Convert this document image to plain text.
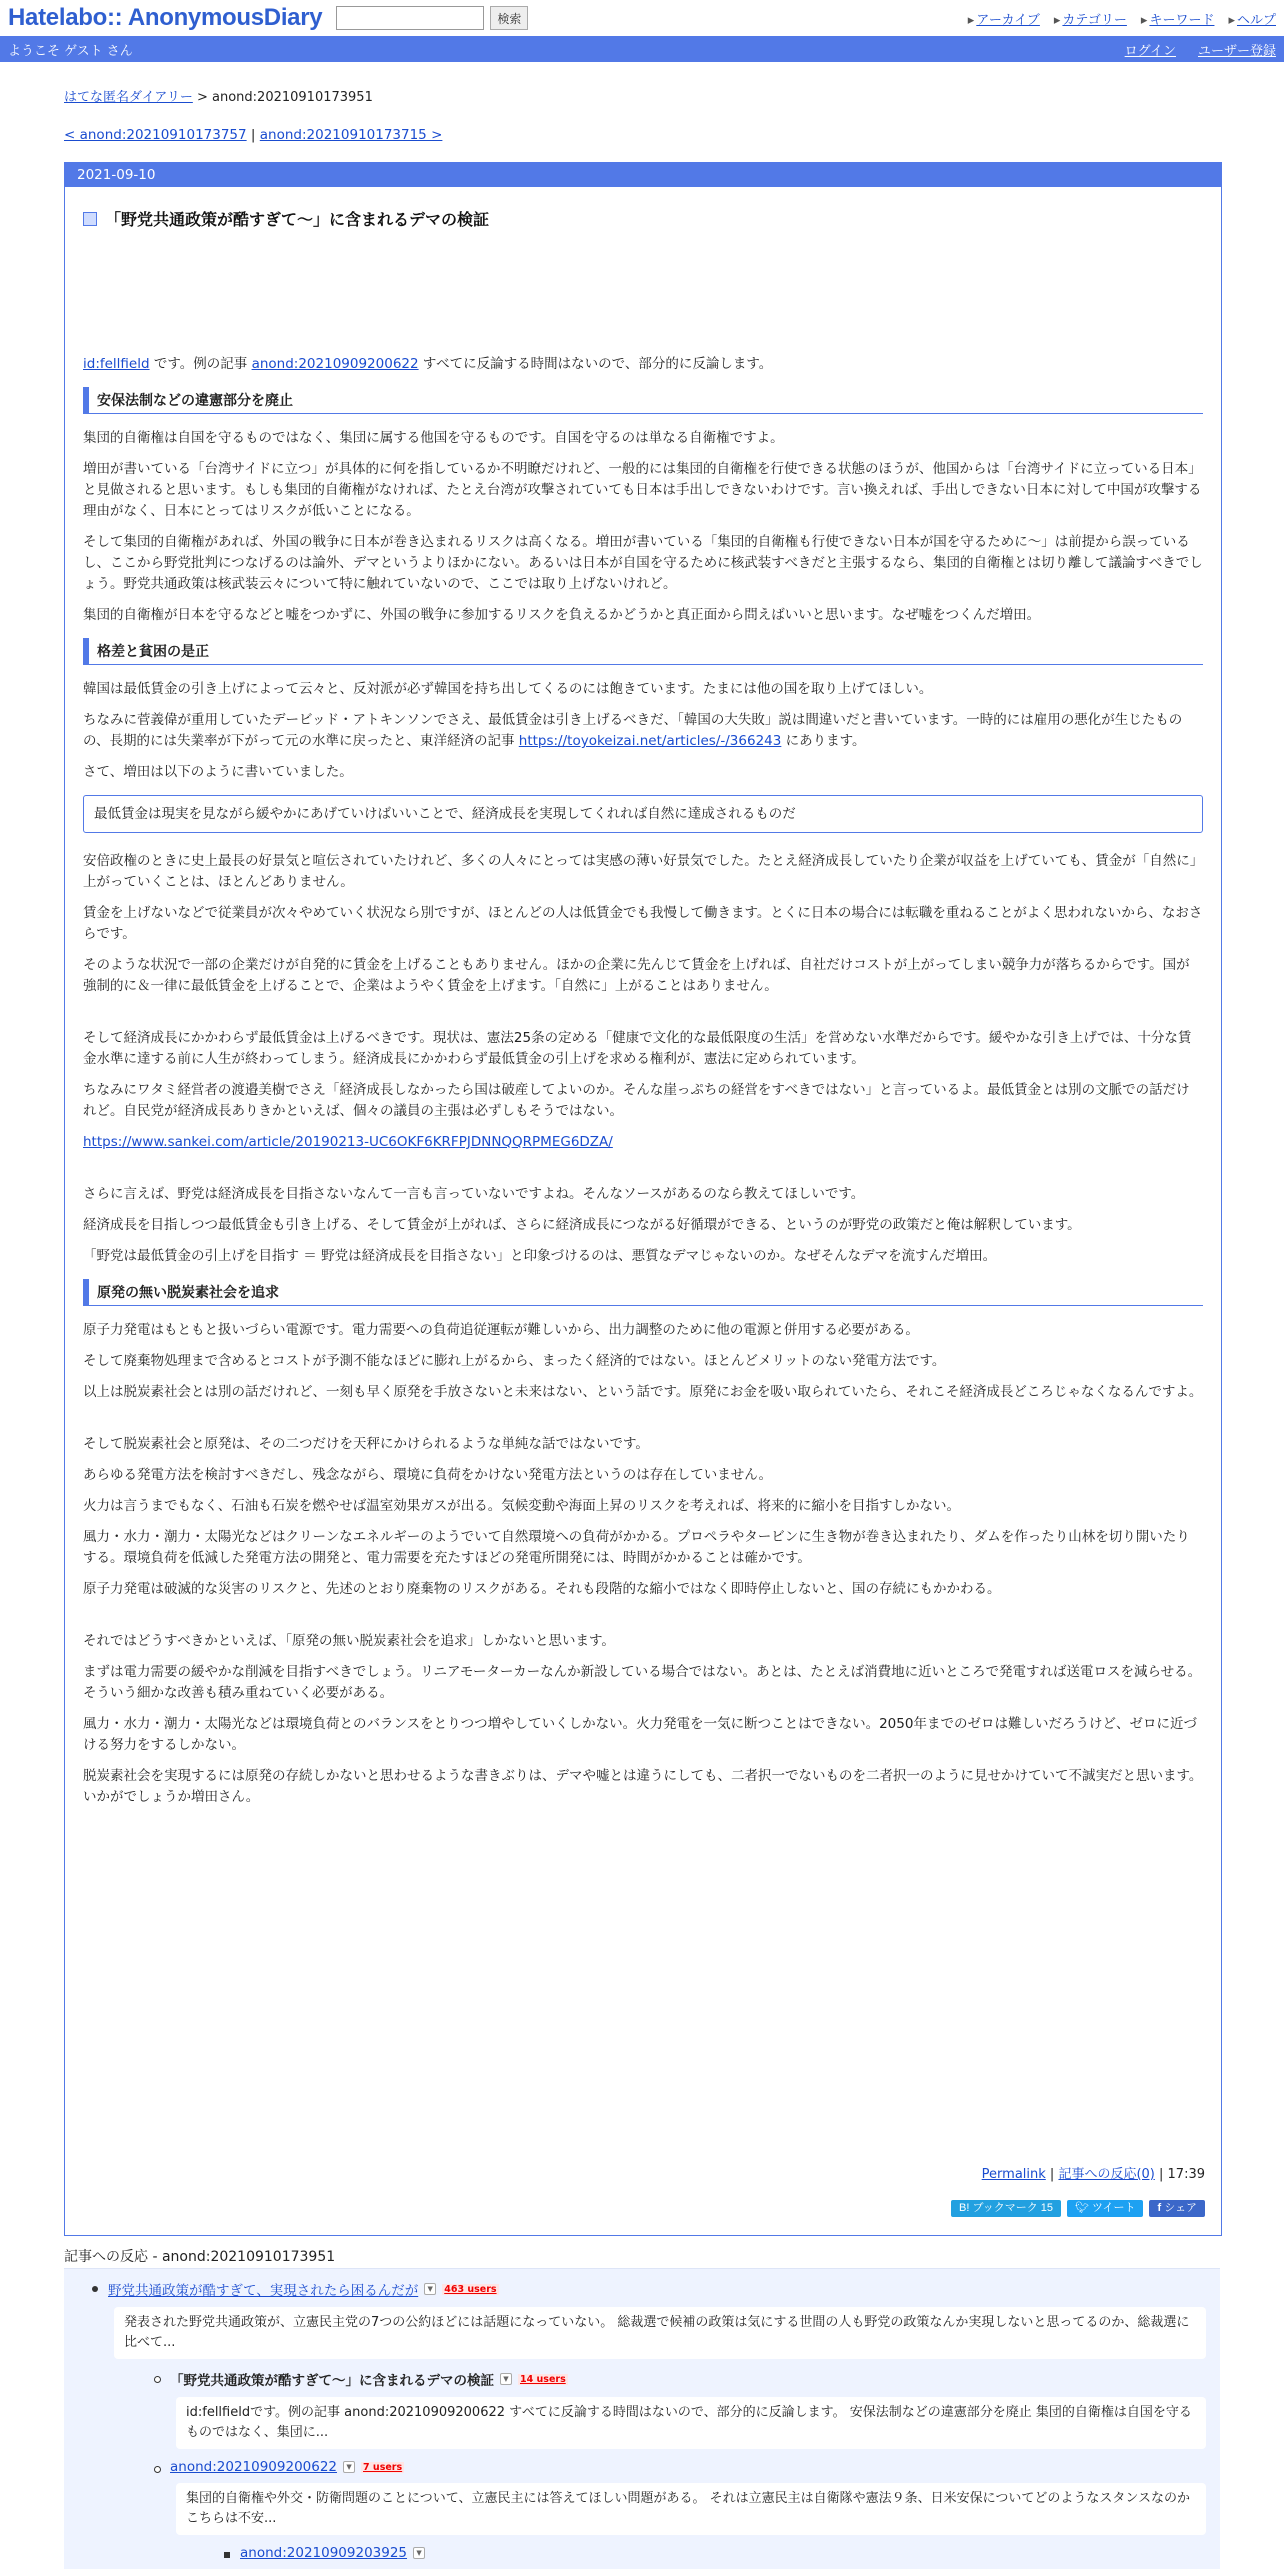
Hatelabo:: AnonymousDiary	検索	▸ アーカイブ	▸ カテゴリー	▸ キーワード	▸ ヘルプ
ようこそ ゲスト さん	ログイン ユーザー登録
はてな匿名ダイアリー > anond:20210910173951
< anond:20210910173757 | anond:20210910173715 >
2021-09-10
「野党共通政策が酷すぎて～」に含まれるデマの検証

id:fellfield です。例の記事 anond:20210909200622 すべてに反論する時間はないので、部分的に反論します。

安保法制などの違憲部分を廃止

集団的自衛権は自国を守るものではなく、集団に属する他国を守るものです。自国を守るのは単なる自衛権ですよ。

増田が書いている「台湾サイドに立つ」が具体的に何を指しているか不明瞭だけれど、一般的には集団的自衛権を行使できる状態のほうが、他国からは「台湾サイドに立っている日本」と見做されると思います。もしも集団的自衛権がなければ、たとえ台湾が攻撃されていても日本は手出しできないわけです。言い換えれば、手出しできない日本に対して中国が攻撃する理由がなく、日本にとってはリスクが低いことになる。

そして集団的自衛権があれば、外国の戦争に日本が巻き込まれるリスクは高くなる。増田が書いている「集団的自衛権も行使できない日本が国を守るために～」は前提から誤っているし、ここから野党批判につなげるのは論外、デマというよりほかにない。あるいは日本が自国を守るために核武装すべきだと主張するなら、集団的自衛権とは切り離して議論すべきでしょう。野党共通政策は核武装云々について特に触れていないので、ここでは取り上げないけれど。

集団的自衛権が日本を守るなどと嘘をつかずに、外国の戦争に参加するリスクを負えるかどうかと真正面から問えばいいと思います。なぜ嘘をつくんだ増田。

格差と貧困の是正

韓国は最低賃金の引き上げによって云々と、反対派が必ず韓国を持ち出してくるのには飽きています。たまには他の国を取り上げてほしい。

ちなみに菅義偉が重用していたデービッド・アトキンソンでさえ、最低賃金は引き上げるべきだ、「韓国の大失敗」説は間違いだと書いています。一時的には雇用の悪化が生じたものの、長期的には失業率が下がって元の水準に戻ったと、東洋経済の記事 https://toyokeizai.net/articles/-/366243 にあります。

さて、増田は以下のように書いていました。

最低賃金は現実を見ながら緩やかにあげていけばいいことで、経済成長を実現してくれれば自然に達成されるものだ

安倍政権のときに史上最長の好景気と喧伝されていたけれど、多くの人々にとっては実感の薄い好景気でした。たとえ経済成長していたり企業が収益を上げていても、賃金が「自然に」上がっていくことは、ほとんどありません。

賃金を上げないなどで従業員が次々やめていく状況なら別ですが、ほとんどの人は低賃金でも我慢して働きます。とくに日本の場合には転職を重ねることがよく思われないから、なおさらです。

そのような状況で一部の企業だけが自発的に賃金を上げることもありません。ほかの企業に先んじて賃金を上げれば、自社だけコストが上がってしまい競争力が落ちるからです。国が強制的に＆一律に最低賃金を上げることで、企業はようやく賃金を上げます。「自然に」上がることはありません。

そして経済成長にかかわらず最低賃金は上げるべきです。現状は、憲法25条の定める「健康で文化的な最低限度の生活」を営めない水準だからです。緩やかな引き上げでは、十分な賃金水準に達する前に人生が終わってしまう。経済成長にかかわらず最低賃金の引上げを求める権利が、憲法に定められています。

ちなみにワタミ経営者の渡邉美樹でさえ「経済成長しなかったら国は破産してよいのか。そんな崖っぷちの経営をすべきではない」と言っているよ。最低賃金とは別の文脈での話だけれど。自民党が経済成長ありきかといえば、個々の議員の主張は必ずしもそうではない。

https://www.sankei.com/article/20190213-UC6OKF6KRFPJDNNQQRPMEG6DZA/

さらに言えば、野党は経済成長を目指さないなんて一言も言っていないですよね。そんなソースがあるのなら教えてほしいです。

経済成長を目指しつつ最低賃金も引き上げる、そして賃金が上がれば、さらに経済成長につながる好循環ができる、というのが野党の政策だと俺は解釈しています。

「野党は最低賃金の引上げを目指す ＝ 野党は経済成長を目指さない」と印象づけるのは、悪質なデマじゃないのか。なぜそんなデマを流すんだ増田。

原発の無い脱炭素社会を追求

原子力発電はもともと扱いづらい電源です。電力需要への負荷追従運転が難しいから、出力調整のために他の電源と併用する必要がある。

そして廃棄物処理まで含めるとコストが予測不能なほどに膨れ上がるから、まったく経済的ではない。ほとんどメリットのない発電方法です。

以上は脱炭素社会とは別の話だけれど、一刻も早く原発を手放さないと未来はない、という話です。原発にお金を吸い取られていたら、それこそ経済成長どころじゃなくなるんですよ。

そして脱炭素社会と原発は、その二つだけを天秤にかけられるような単純な話ではないです。

あらゆる発電方法を検討すべきだし、残念ながら、環境に負荷をかけない発電方法というのは存在していません。

火力は言うまでもなく、石油も石炭を燃やせば温室効果ガスが出る。気候変動や海面上昇のリスクを考えれば、将来的に縮小を目指すしかない。

風力・水力・潮力・太陽光などはクリーンなエネルギーのようでいて自然環境への負荷がかかる。プロペラやタービンに生き物が巻き込まれたり、ダムを作ったり山林を切り開いたりする。環境負荷を低減した発電方法の開発と、電力需要を充たすほどの発電所開発には、時間がかかることは確かです。

原子力発電は破滅的な災害のリスクと、先述のとおり廃棄物のリスクがある。それも段階的な縮小ではなく即時停止しないと、国の存続にもかかわる。

それではどうすべきかといえば、「原発の無い脱炭素社会を追求」しかないと思います。

まずは電力需要の緩やかな削減を目指すべきでしょう。リニアモーターカーなんか新設している場合ではない。あとは、たとえば消費地に近いところで発電すれば送電ロスを減らせる。そういう細かな改善も積み重ねていく必要がある。

風力・水力・潮力・太陽光などは環境負荷とのバランスをとりつつ増やしていくしかない。火力発電を一気に断つことはできない。2050年までのゼロは難しいだろうけど、ゼロに近づける努力をするしかない。

脱炭素社会を実現するには原発の存続しかないと思わせるような書きぶりは、デマや嘘とは違うにしても、二者択一でないものを二者択一のように見せかけていて不誠実だと思います。いかがでしょうか増田さん。

Permalink | 記事への反応(0) | 17:39
B! ブックマーク 15	🐦︎ ツイート	f シェア
記事への反応 - anond:20210910173951
野党共通政策が酷すぎて、実現されたら困るんだが	▼	463 users
発表された野党共通政策が、立憲民主党の7つの公約ほどには話題になっていない。 総裁選で候補の政策は気にする世間の人も野党の政策なんか実現しないと思ってるのか、総裁選に比べて...
「野党共通政策が酷すぎて～」に含まれるデマの検証	▼	14 users
id:fellfieldです。例の記事 anond:20210909200622 すべてに反論する時間はないので、部分的に反論します。 安保法制などの違憲部分を廃止 集団的自衛権は自国を守るものではなく、集団に...
anond:20210909200622	▼	7 users
集団的自衛権や外交・防衛問題のことについて、立憲民主には答えてほしい問題がある。 それは立憲民主は自衛隊や憲法９条、日米安保についてどのようなスタンスなのかこちらは不安...
anond:20210909203925	▼
